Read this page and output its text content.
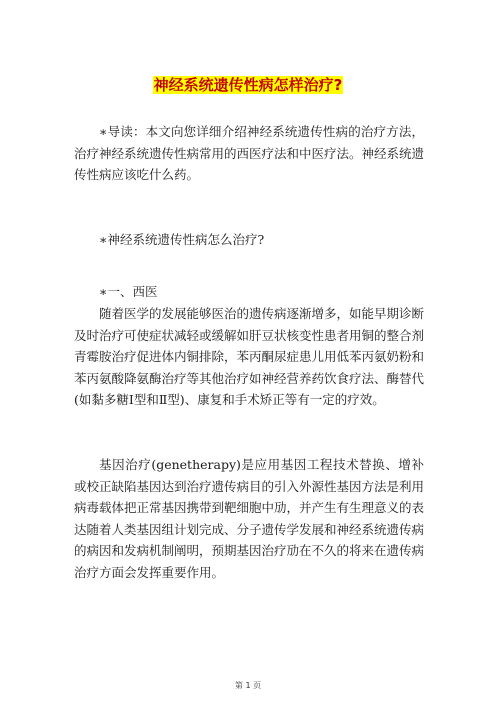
神经系统遗传性病怎样治疗?

∗导读：本文向您详细介绍神经系统遗传性病的治疗方法，治疗神经系统遗传性病常用的西医疗法和中医疗法。神经系统遗传性病应该吃什么药。

∗神经系统遗传性病怎么治疗?

∗一、西医

随着医学的发展能够医治的遗传病逐渐增多，如能早期诊断及时治疗可使症状减轻或缓解如肝豆状核变性患者用铜的整合剂青霉胺治疗促进体内铜排除，苯丙酮尿症患儿用低苯丙氨奶粉和苯丙氨酸降氨酶治疗等其他治疗如神经营养药饮食疗法、酶替代(如黏多糖Ⅰ型和Ⅱ型)、康复和手术矫正等有一定的疗效。

基因治疗(genetherapy)是应用基因工程技术替换、增补或校正缺陷基因达到治疗遗传病目的引入外源性基因方法是利用病毒载体把正常基因携带到靶细胞中劢，并产生有生理意义的表达随着人类基因组计划完成、分子遗传学发展和神经系统遗传病的病因和发病机制阐明，预期基因治疗劢在不久的将来在遗传病治疗方面会发挥重要作用。

第 1 页
